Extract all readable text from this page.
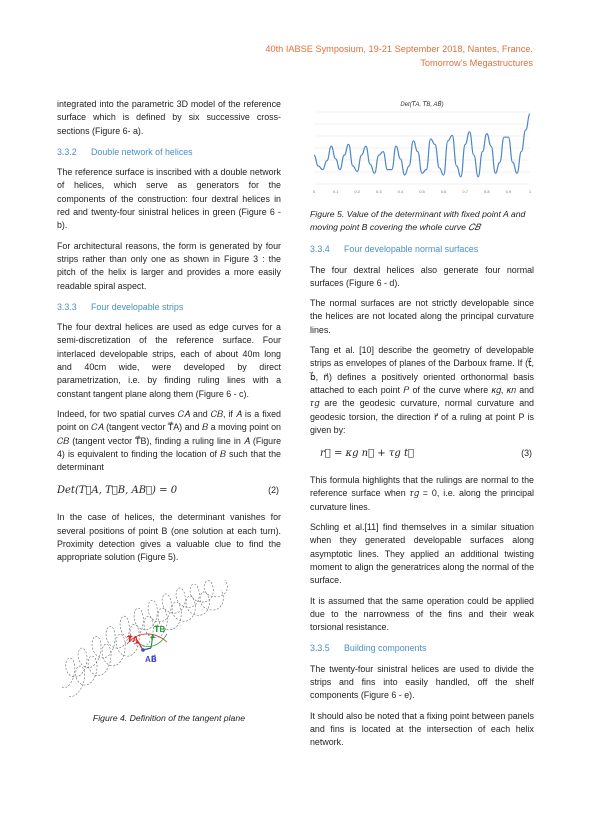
40th IABSE Symposium, 19-21 September 2018, Nantes, France.
Tomorrow’s Megastructures

integrated into the parametric 3D model of the reference surface which is defined by six successive cross-sections (Figure 6- a).

3.3.2 Double network of helices

The reference surface is inscribed with a double network of helices, which serve as generators for the components of the construction: four dextral helices in red and twenty-four sinistral helices in green (Figure 6 - b).

For architectural reasons, the form is generated by four strips rather than only one as shown in Figure 3 : the pitch of the helix is larger and provides a more easily readable spiral aspect.

3.3.3 Four developable strips

The four dextral helices are used as edge curves for a semi-discretization of the reference surface. Four interlaced developable strips, each of about 40m long and 40cm wide, were developed by direct parametrization, i.e. by finding ruling lines with a constant tangent plane along them (Figure 6 - c).

Indeed, for two spatial curves 𝐶𝐴 and 𝐶𝐵, if 𝐴 is a fixed point on 𝐶𝐴 (tangent vector T⃗A) and 𝐵 a moving point on 𝐶𝐵 (tangent vector T⃗B), finding a ruling line in 𝐴 (Figure 4) is equivalent to finding the location of 𝐵 such that the determinant

Det(T⃗A, T⃗B, AB⃗) = 0	(2)

In the case of helices, the determinant vanishes for several positions of point B (one solution at each turn). Proximity detection gives a valuable clue to find the appropriate solution (Figure 5).

T⃗A
T⃗B
AB⃗
Figure 4. Definition of the tangent plane
Det(T⃗A, T⃗B, AB⃗)
0	0.1	0.2	0.3	0.4	0.5	0.6	0.7	0.8	0.9	1
Figure 5. Value of the determinant with fixed point A and moving point B covering the whole curve 𝐶𝐵
3.3.4 Four developable normal surfaces

The four dextral helices also generate four normal surfaces (Figure 6 - d).

The normal surfaces are not strictly developable since the helices are not located along the principal curvature lines.

Tang et al. [10] describe the geometry of developable strips as envelopes of planes of the Darboux frame. If (t⃗, b⃗, n⃗) defines a positively oriented orthonormal basis attached to each point 𝑃 of the curve where 𝜅𝑔, 𝜅𝑛 and 𝜏𝑔 are the geodesic curvature, normal curvature and geodesic torsion, the direction r⃗ of a ruling at point P is given by:

r⃗ = 𝜅𝑔 n⃗ + 𝜏𝑔 t⃗	(3)

This formula highlights that the rulings are normal to the reference surface when 𝜏𝑔 = 0, i.e. along the principal curvature lines.

Schling et al.[11] find themselves in a similar situation when they generated developable surfaces along asymptotic lines. They applied an additional twisting moment to align the generatrices along the normal of the surface.

It is assumed that the same operation could be applied due to the narrowness of the fins and their weak torsional resistance.

3.3.5 Building components

The twenty-four sinistral helices are used to divide the strips and fins into easily handled, off the shelf components (Figure 6 - e).

It should also be noted that a fixing point between panels and fins is located at the intersection of each helix network.
